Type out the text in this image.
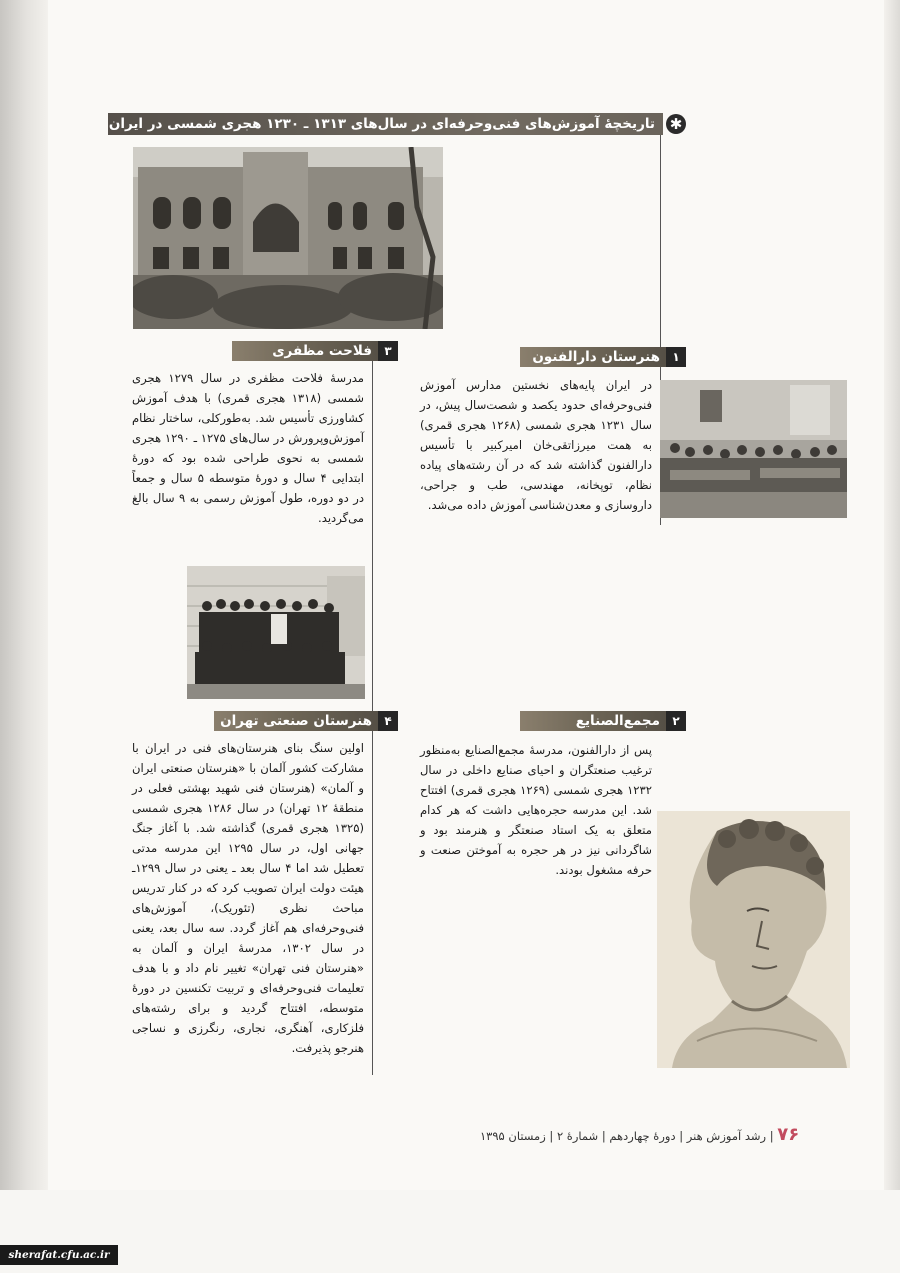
تاریخچهٔ آموزش‌های فنی‌وحرفه‌ای در سال‌های ۱۳۱۳ ـ ۱۲۳۰ هجری شمسی در ایران ✱
۳
فلاحت مظفری
مدرسهٔ فلاحت مظفری در سال ۱۲۷۹ هجری شمسی (۱۳۱۸ هجری قمری) با هدف آموزش کشاورزی تأسیس شد. به‌طورکلی، ساختار نظام آموزش‌وپرورش در سال‌های ۱۲۷۵ ـ ۱۲۹۰ هجری شمسی به نحوی طراحی شده بود که دورهٔ ابتدایی ۴ سال و دورهٔ متوسطه ۵ سال و جمعاً در دو دوره، طول آموزش رسمی به ۹ سال بالغ می‌گردید.
۱
هنرستان دارالفنون
در ایران پایه‌های نخستین مدارس آموزش فنی‌وحرفه‌ای حدود یکصد و شصت‌سال پیش، در سال ۱۲۳۱ هجری شمسی (۱۲۶۸ هجری قمری) به همت میرزاتقی‌خان امیرکبیر با تأسیس دارالفنون گذاشته شد که در آن رشته‌های پیاده نظام، توپخانه، مهندسی، طب و جراحی، داروسازی و معدن‌شناسی آموزش داده می‌شد.
۴
هنرستان صنعتی تهران
اولین سنگ بنای هنرستان‌های فنی در ایران با مشارکت کشور آلمان با «هنرستان صنعتی ایران و آلمان» (هنرستان فنی شهید بهشتی فعلی در منطقهٔ ۱۲ تهران) در سال ۱۲۸۶ هجری شمسی (۱۳۲۵ هجری قمری) گذاشته شد. با آغاز جنگ جهانی اول، در سال ۱۲۹۵ این مدرسه مدتی تعطیل شد اما ۴ سال بعد ـ یعنی در سال ۱۲۹۹ـ هیئت دولت ایران تصویب کرد که در کنار تدریس مباحث نظری (تئوریک)، آموزش‌های فنی‌وحرفه‌ای هم آغاز گردد. سه سال بعد، یعنی در سال ۱۳۰۲، مدرسهٔ ایران و آلمان به «هنرستان فنی تهران» تغییر نام داد و با هدف تعلیمات فنی‌وحرفه‌ای و تربیت تکنسین در دورهٔ متوسطه، افتتاح گردید و برای رشته‌های فلزکاری، آهنگری، نجاری، رنگرزی و نساجی هنرجو پذیرفت.
۲
مجمع‌الصنایع
پس از دارالفنون، مدرسهٔ مجمع‌الصنایع به‌منظور ترغیب صنعتگران و احیای صنایع داخلی در سال ۱۲۳۲ هجری شمسی (۱۲۶۹ هجری قمری) افتتاح شد. این مدرسه حجره‌هایی داشت که هر کدام متعلق به یک استاد صنعتگر و هنرمند بود و شاگردانی نیز در هر حجره به آموختن صنعت و حرفه مشغول بودند.
۷۶ | رشد آموزش هنر | دورهٔ چهاردهم | شمارهٔ ۲ | زمستان ۱۳۹۵
sherafat.cfu.ac.ir
